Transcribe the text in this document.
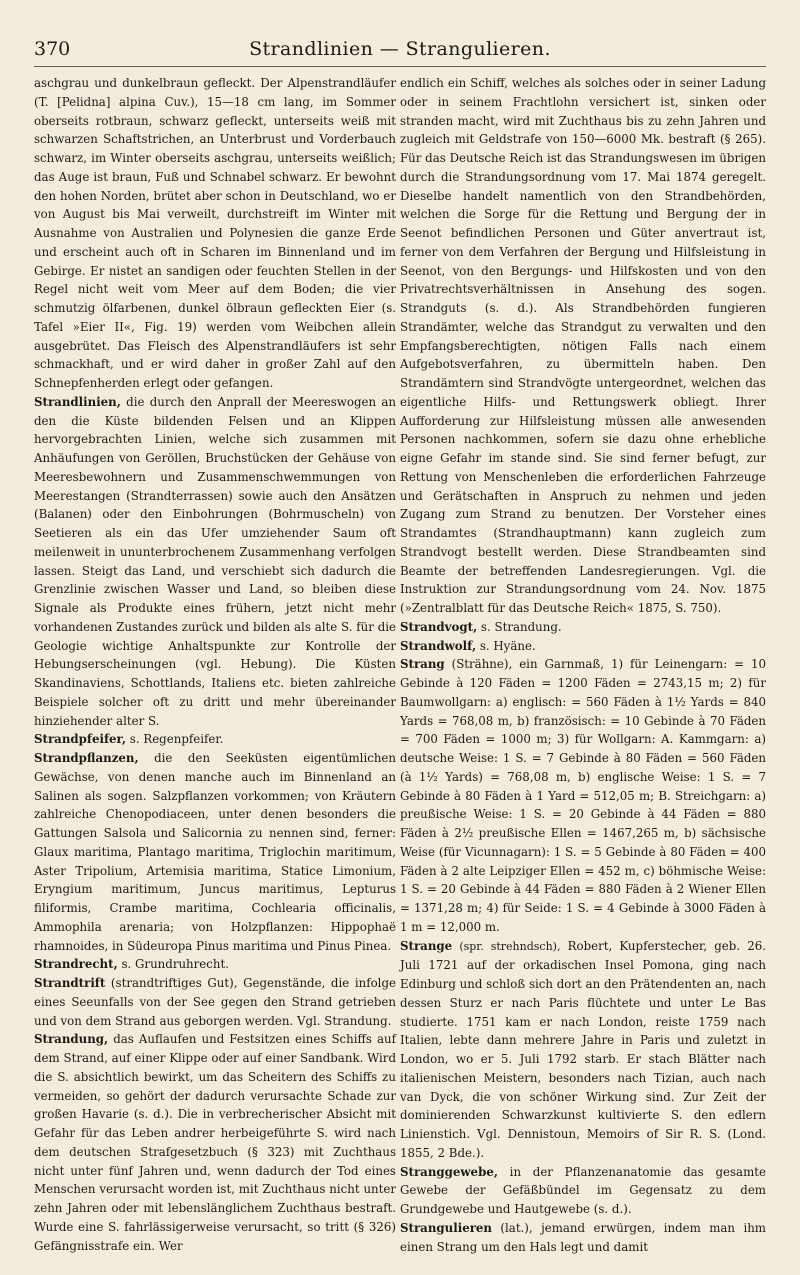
370	Strandlinien — Strangulieren.

aschgrau und dunkelbraun gefleckt. Der Alpenstrandläufer (T. [Pelidna] alpina Cuv.), 15—18 cm lang, im Sommer oberseits rotbraun, schwarz gefleckt, unterseits weiß mit schwarzen Schaftstrichen, an Unterbrust und Vorderbauch schwarz, im Winter oberseits aschgrau, unterseits weißlich; das Auge ist braun, Fuß und Schnabel schwarz. Er bewohnt den hohen Norden, brütet aber schon in Deutschland, wo er von August bis Mai verweilt, durchstreift im Winter mit Ausnahme von Australien und Polynesien die ganze Erde und erscheint auch oft in Scharen im Binnenland und im Gebirge. Er nistet an sandigen oder feuchten Stellen in der Regel nicht weit vom Meer auf dem Boden; die vier schmutzig ölfarbenen, dunkel ölbraun gefleckten Eier (s. Tafel »Eier II«, Fig. 19) werden vom Weibchen allein ausgebrütet. Das Fleisch des Alpenstrandläufers ist sehr schmackhaft, und er wird daher in großer Zahl auf den Schnepfenherden erlegt oder gefangen.

Strandlinien, die durch den Anprall der Meereswogen an den die Küste bildenden Felsen und an Klippen hervorgebrachten Linien, welche sich zusammen mit Anhäufungen von Geröllen, Bruchstücken der Gehäuse von Meeresbewohnern und Zusammenschwemmungen von Meerestangen (Strandterrassen) sowie auch den Ansätzen (Balanen) oder den Einbohrungen (Bohrmuscheln) von Seetieren als ein das Ufer umziehender Saum oft meilenweit in ununterbrochenem Zusammenhang verfolgen lassen. Steigt das Land, und verschiebt sich dadurch die Grenzlinie zwischen Wasser und Land, so bleiben diese Signale als Produkte eines frühern, jetzt nicht mehr vorhandenen Zustandes zurück und bilden als alte S. für die Geologie wichtige Anhaltspunkte zur Kontrolle der Hebungserscheinungen (vgl. Hebung). Die Küsten Skandinaviens, Schottlands, Italiens etc. bieten zahlreiche Beispiele solcher oft zu dritt und mehr übereinander hinziehender alter S.

Strandpfeifer, s. Regenpfeifer.

Strandpflanzen, die den Seeküsten eigentümlichen Gewächse, von denen manche auch im Binnenland an Salinen als sogen. Salzpflanzen vorkommen; von Kräutern zahlreiche Chenopodiaceen, unter denen besonders die Gattungen Salsola und Salicornia zu nennen sind, ferner: Glaux maritima, Plantago maritima, Triglochin maritimum, Aster Tripolium, Artemisia maritima, Statice Limonium, Eryngium maritimum, Juncus maritimus, Lepturus filiformis, Crambe maritima, Cochlearia officinalis, Ammophila arenaria; von Holzpflanzen: Hippophaë rhamnoides, in Südeuropa Pinus maritima und Pinus Pinea.

Strandrecht, s. Grundruhrecht.

Strandtrift (strandtriftiges Gut), Gegenstände, die infolge eines Seeunfalls von der See gegen den Strand getrieben und von dem Strand aus geborgen werden. Vgl. Strandung.

Strandung, das Auflaufen und Festsitzen eines Schiffs auf dem Strand, auf einer Klippe oder auf einer Sandbank. Wird die S. absichtlich bewirkt, um das Scheitern des Schiffs zu vermeiden, so gehört der dadurch verursachte Schade zur großen Havarie (s. d.). Die in verbrecherischer Absicht mit Gefahr für das Leben andrer herbeigeführte S. wird nach dem deutschen Strafgesetzbuch (§ 323) mit Zuchthaus nicht unter fünf Jahren und, wenn dadurch der Tod eines Menschen verursacht worden ist, mit Zuchthaus nicht unter zehn Jahren oder mit lebenslänglichem Zuchthaus bestraft. Wurde eine S. fahrlässigerweise verursacht, so tritt (§ 326) Gefängnisstrafe ein. Wer

endlich ein Schiff, welches als solches oder in seiner Ladung oder in seinem Frachtlohn versichert ist, sinken oder stranden macht, wird mit Zuchthaus bis zu zehn Jahren und zugleich mit Geldstrafe von 150—6000 Mk. bestraft (§ 265). Für das Deutsche Reich ist das Strandungswesen im übrigen durch die Strandungsordnung vom 17. Mai 1874 geregelt. Dieselbe handelt namentlich von den Strandbehörden, welchen die Sorge für die Rettung und Bergung der in Seenot befindlichen Personen und Güter anvertraut ist, ferner von dem Verfahren der Bergung und Hilfsleistung in Seenot, von den Bergungs- und Hilfskosten und von den Privatrechtsverhältnissen in Ansehung des sogen. Strandguts (s. d.). Als Strandbehörden fungieren Strandämter, welche das Strandgut zu verwalten und den Empfangsberechtigten, nötigen Falls nach einem Aufgebotsverfahren, zu übermitteln haben. Den Strandämtern sind Strandvögte untergeordnet, welchen das eigentliche Hilfs- und Rettungswerk obliegt. Ihrer Aufforderung zur Hilfsleistung müssen alle anwesenden Personen nachkommen, sofern sie dazu ohne erhebliche eigne Gefahr im stande sind. Sie sind ferner befugt, zur Rettung von Menschenleben die erforderlichen Fahrzeuge und Gerätschaften in Anspruch zu nehmen und jeden Zugang zum Strand zu benutzen. Der Vorsteher eines Strandamtes (Strandhauptmann) kann zugleich zum Strandvogt bestellt werden. Diese Strandbeamten sind Beamte der betreffenden Landesregierungen. Vgl. die Instruktion zur Strandungsordnung vom 24. Nov. 1875 (»Zentralblatt für das Deutsche Reich« 1875, S. 750).

Strandvogt, s. Strandung.

Strandwolf, s. Hyäne.

Strang (Strähne), ein Garnmaß, 1) für Leinengarn: = 10 Gebinde à 120 Fäden = 1200 Fäden = 2743,15 m; 2) für Baumwollgarn: a) englisch: = 560 Fäden à 1½ Yards = 840 Yards = 768,08 m, b) französisch: = 10 Gebinde à 70 Fäden = 700 Fäden = 1000 m; 3) für Wollgarn: A. Kammgarn: a) deutsche Weise: 1 S. = 7 Gebinde à 80 Fäden = 560 Fäden (à 1½ Yards) = 768,08 m, b) englische Weise: 1 S. = 7 Gebinde à 80 Fäden à 1 Yard = 512,05 m; B. Streichgarn: a) preußische Weise: 1 S. = 20 Gebinde à 44 Fäden = 880 Fäden à 2½ preußische Ellen = 1467,265 m, b) sächsische Weise (für Vicunnagarn): 1 S. = 5 Gebinde à 80 Fäden = 400 Fäden à 2 alte Leipziger Ellen = 452 m, c) böhmische Weise: 1 S. = 20 Gebinde à 44 Fäden = 880 Fäden à 2 Wiener Ellen = 1371,28 m; 4) für Seide: 1 S. = 4 Gebinde à 3000 Fäden à 1 m = 12,000 m.

Strange (spr. strehndsch), Robert, Kupferstecher, geb. 26. Juli 1721 auf der orkadischen Insel Pomona, ging nach Edinburg und schloß sich dort an den Prätendenten an, nach dessen Sturz er nach Paris flüchtete und unter Le Bas studierte. 1751 kam er nach London, reiste 1759 nach Italien, lebte dann mehrere Jahre in Paris und zuletzt in London, wo er 5. Juli 1792 starb. Er stach Blätter nach italienischen Meistern, besonders nach Tizian, auch nach van Dyck, die von schöner Wirkung sind. Zur Zeit der dominierenden Schwarzkunst kultivierte S. den edlern Linienstich. Vgl. Dennistoun, Memoirs of Sir R. S. (Lond. 1855, 2 Bde.).

Stranggewebe, in der Pflanzenanatomie das gesamte Gewebe der Gefäßbündel im Gegensatz zu dem Grundgewebe und Hautgewebe (s. d.).

Strangulieren (lat.), jemand erwürgen, indem man ihm einen Strang um den Hals legt und damit
